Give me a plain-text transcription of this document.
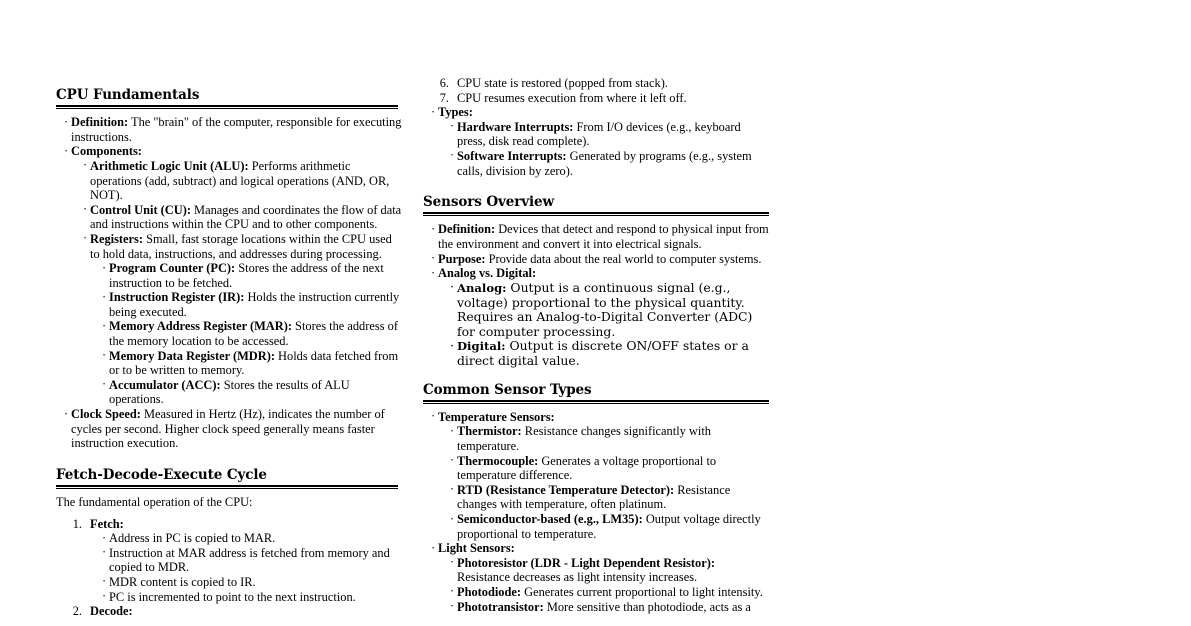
CPU Fundamentals
· Definition: The "brain" of the computer, responsible for executing instructions.
· Components:
· Arithmetic Logic Unit (ALU): Performs arithmetic operations (add, subtract) and logical operations (AND, OR, NOT).
· Control Unit (CU): Manages and coordinates the flow of data and instructions within the CPU and to other components.
· Registers: Small, fast storage locations within the CPU used to hold data, instructions, and addresses during processing.
· Program Counter (PC): Stores the address of the next instruction to be fetched.
· Instruction Register (IR): Holds the instruction currently being executed.
· Memory Address Register (MAR): Stores the address of the memory location to be accessed.
· Memory Data Register (MDR): Holds data fetched from or to be written to memory.
· Accumulator (ACC): Stores the results of ALU operations.
· Clock Speed: Measured in Hertz (Hz), indicates the number of cycles per second. Higher clock speed generally means faster instruction execution.
Fetch-Decode-Execute Cycle

The fundamental operation of the CPU:

1. Fetch:
· Address in PC is copied to MAR.
· Instruction at MAR address is fetched from memory and copied to MDR.
· MDR content is copied to IR.
· PC is incremented to point to the next instruction.
2. Decode:
6. CPU state is restored (popped from stack).
7. CPU resumes execution from where it left off.
· Types:
· Hardware Interrupts: From I/O devices (e.g., keyboard press, disk read complete).
· Software Interrupts: Generated by programs (e.g., system calls, division by zero).
Sensors Overview
· Definition: Devices that detect and respond to physical input from the environment and convert it into electrical signals.
· Purpose: Provide data about the real world to computer systems.
· Analog vs. Digital:
· Analog: Output is a continuous signal (e.g., voltage) proportional to the physical quantity. Requires an Analog-to-Digital Converter (ADC) for computer processing.
· Digital: Output is discrete ON/OFF states or a direct digital value.
Common Sensor Types
· Temperature Sensors:
· Thermistor: Resistance changes significantly with temperature.
· Thermocouple: Generates a voltage proportional to temperature difference.
· RTD (Resistance Temperature Detector): Resistance changes with temperature, often platinum.
· Semiconductor-based (e.g., LM35): Output voltage directly proportional to temperature.
· Light Sensors:
· Photoresistor (LDR - Light Dependent Resistor): Resistance decreases as light intensity increases.
· Photodiode: Generates current proportional to light intensity.
· Phototransistor: More sensitive than photodiode, acts as a
